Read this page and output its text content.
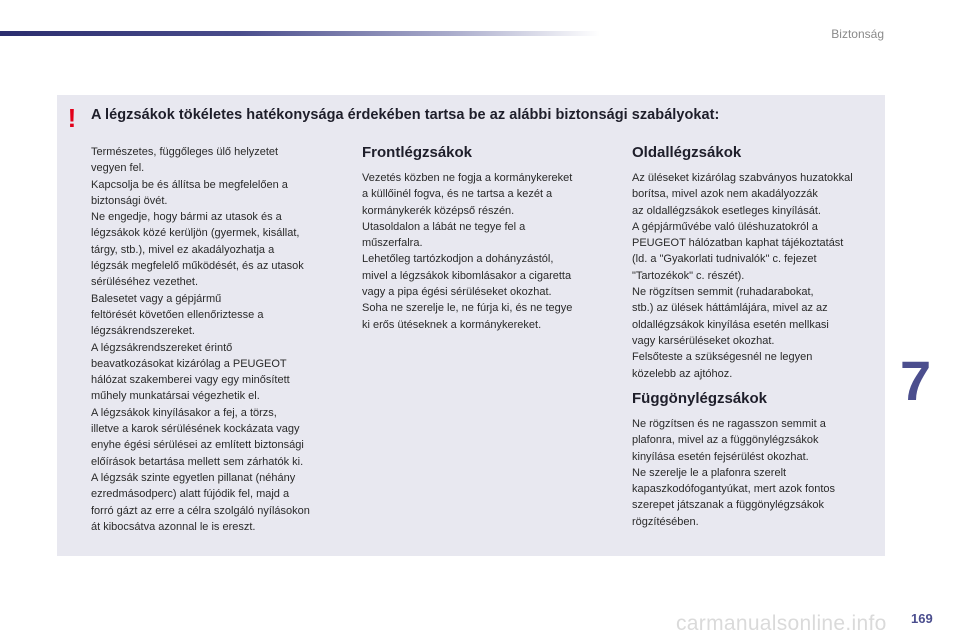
Biztonság
!	A légzsákok tökéletes hatékonysága érdekében tartsa be az alábbi biztonsági szabályokat:

Természetes, függőleges ülő helyzetet
vegyen fel.
Kapcsolja be és állítsa be megfelelően a
biztonsági övét.
Ne engedje, hogy bármi az utasok és a
légzsákok közé kerüljön (gyermek, kisállat,
tárgy, stb.), mivel ez akadályozhatja a
légzsák megfelelő működését, és az utasok
sérüléséhez vezethet.
Balesetet vagy a gépjármű
feltörését követően ellenőriztesse a
légzsákrendszereket.
A légzsákrendszereket érintő
beavatkozásokat kizárólag a PEUGEOT
hálózat szakemberei vagy egy minősített
műhely munkatársai végezhetik el.
A légzsákok kinyílásakor a fej, a törzs,
illetve a karok sérülésének kockázata vagy
enyhe égési sérülései az említett biztonsági
előírások betartása mellett sem zárhatók ki.
A légzsák szinte egyetlen pillanat (néhány
ezredmásodperc) alatt fújódik fel, majd a
forró gázt az erre a célra szolgáló nyílásokon
át kibocsátva azonnal le is ereszt.

Frontlégzsákok

Vezetés közben ne fogja a kormánykereket
a küllőinél fogva, és ne tartsa a kezét a
kormánykerék középső részén.
Utasoldalon a lábát ne tegye fel a
műszerfalra.
Lehetőleg tartózkodjon a dohányzástól,
mivel a légzsákok kibomlásakor a cigaretta
vagy a pipa égési sérüléseket okozhat.
Soha ne szerelje le, ne fúrja ki, és ne tegye
ki erős ütéseknek a kormánykereket.

Oldallégzsákok

Az üléseket kizárólag szabványos huzatokkal
borítsa, mivel azok nem akadályozzák
az oldallégzsákok esetleges kinyílását.
A gépjárművébe való üléshuzatokról a
PEUGEOT hálózatban kaphat tájékoztatást
(ld. a "Gyakorlati tudnivalók" c. fejezet
"Tartozékok" c. részét).
Ne rögzítsen semmit (ruhadarabokat,
stb.) az ülések háttámlájára, mivel az az
oldallégzsákok kinyílása esetén mellkasi
vagy karsérüléseket okozhat.
Felsőteste a szükségesnél ne legyen
közelebb az ajtóhoz.

Függönylégzsákok

Ne rögzítsen és ne ragasszon semmit a
plafonra, mivel az a függönylégzsákok
kinyílása esetén fejsérülést okozhat.
Ne szerelje le a plafonra szerelt
kapaszkodófogantyúkat, mert azok fontos
szerepet játszanak a függönylégzsákok
rögzítésében.

7
carmanualsonline.info 169
